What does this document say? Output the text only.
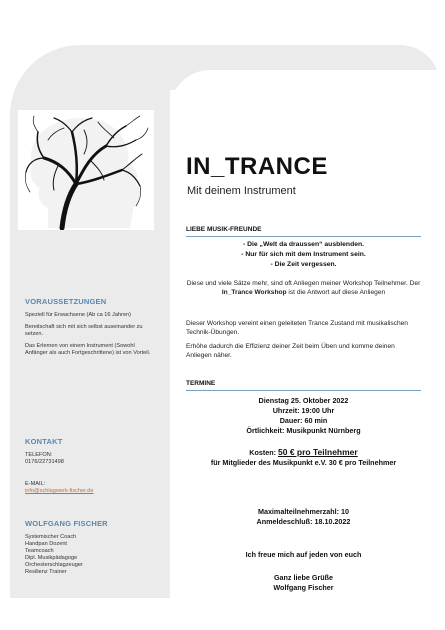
VORAUSSETZUNGEN

Speziell für Erwachsene (Ab ca 16 Jahren)

Bereitschaft sich mit sich selbst auseinander zu setzen.

Das Erlernen von einem Instrument (Sowohl Anfänger als auch Fortgeschrittene) ist von Vorteil.

KONTAKT

TELEFON:

0176/22731498

E-MAIL:

info@schlagwerk-fischer.de

WOLFGANG FISCHER
Systemischer Coach
Handpan Dozent
Teamcoach
Dipl. Musikpädagoge
Orchesterschlagzeuger
Resilienz Trainer
IN_TRANCE
Mit deinem Instrument
LIEBE MUSIK-FREUNDE
- Die „Welt da draussen“ ausblenden.
- Nur für sich mit dem Instrument sein.
- Die Zeit vergessen.
Diese und viele Sätze mehr, sind oft Anliegen meiner Workshop Teilnehmer. Der In_Trance Workshop ist die Antwort auf diese Anliegen
Dieser Workshop vereint einen geleiteten Trance Zustand mit musikalischen Technik-Übungen.
Erhöhe dadurch die Effizienz deiner Zeit beim Üben und komme deinen Anliegen näher.
TERMINE
Dienstag 25. Oktober 2022
Uhrzeit: 19:00 Uhr
Dauer: 60 min
Örtlichkeit: Musikpunkt Nürnberg
Kosten: 50 € pro Teilnehmer
für Mitglieder des Musikpunkt e.V. 30 € pro Teilnehmer
Maximalteilnehmerzahl: 10
Anmeldeschluß: 18.10.2022
Ich freue mich auf jeden von euch
Ganz liebe Grüße
Wolfgang Fischer
